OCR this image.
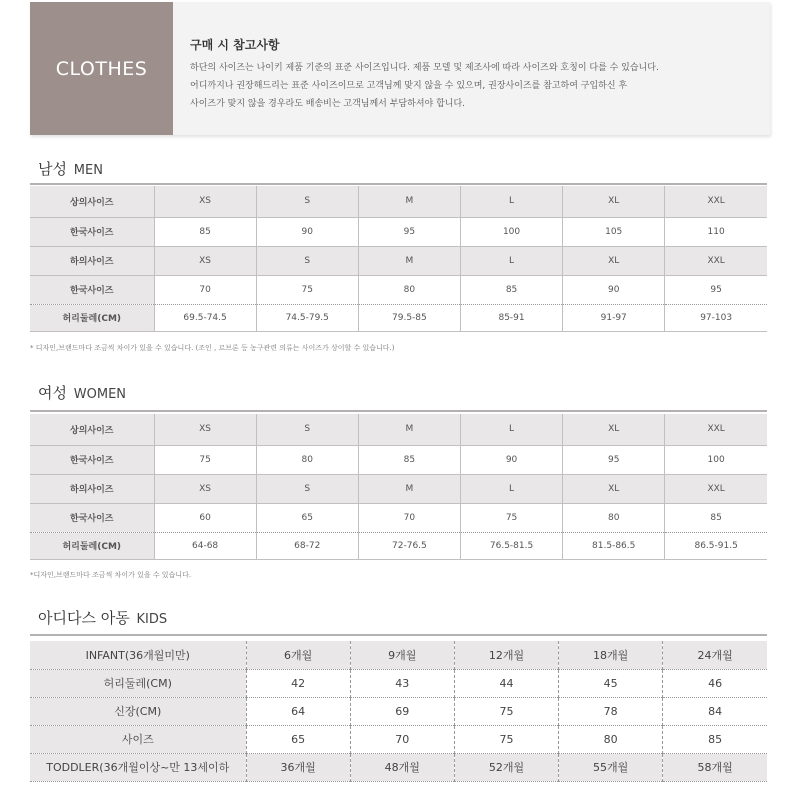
CLOTHES
구매 시 참고사항
하단의 사이즈는 나이키 제품 기준의 표준 사이즈입니다. 제품 모델 및 제조사에 따라 사이즈와 호칭이 다를 수 있습니다.
어디까지나 권장해드리는 표준 사이즈이므로 고객님께 맞지 않을 수 있으며, 권장사이즈를 참고하여 구입하신 후
사이즈가 맞지 않을 경우라도 배송비는 고객님께서 부담하셔야 합니다.
남성 MEN
상의사이즈	XS	S	M	L	XL	XXL
한국사이즈	85	90	95	100	105	110
하의사이즈	XS	S	M	L	XL	XXL
한국사이즈	70	75	80	85	90	95
허리둘레(CM)	69.5-74.5	74.5-79.5	79.5-85	85-91	91-97	97-103
* 디자인,브랜드마다 조금씩 차이가 있을 수 있습니다. (조인 , 르브론 등 농구관련 의류는 사이즈가 상이할 수 있습니다.)
여성 WOMEN
상의사이즈	XS	S	M	L	XL	XXL
한국사이즈	75	80	85	90	95	100
하의사이즈	XS	S	M	L	XL	XXL
한국사이즈	60	65	70	75	80	85
허리둘레(CM)	64-68	68-72	72-76.5	76.5-81.5	81.5-86.5	86.5-91.5
*디자인,브랜드마다 조금씩 차이가 있을 수 있습니다.
아디다스 아동 KIDS
INFANT(36개월미만)	6개월	9개월	12개월	18개월	24개월
허리둘레(CM)	42	43	44	45	46
신장(CM)	64	69	75	78	84
사이즈	65	70	75	80	85
TODDLER(36개월이상~만 13세이하	36개월	48개월	52개월	55개월	58개월
